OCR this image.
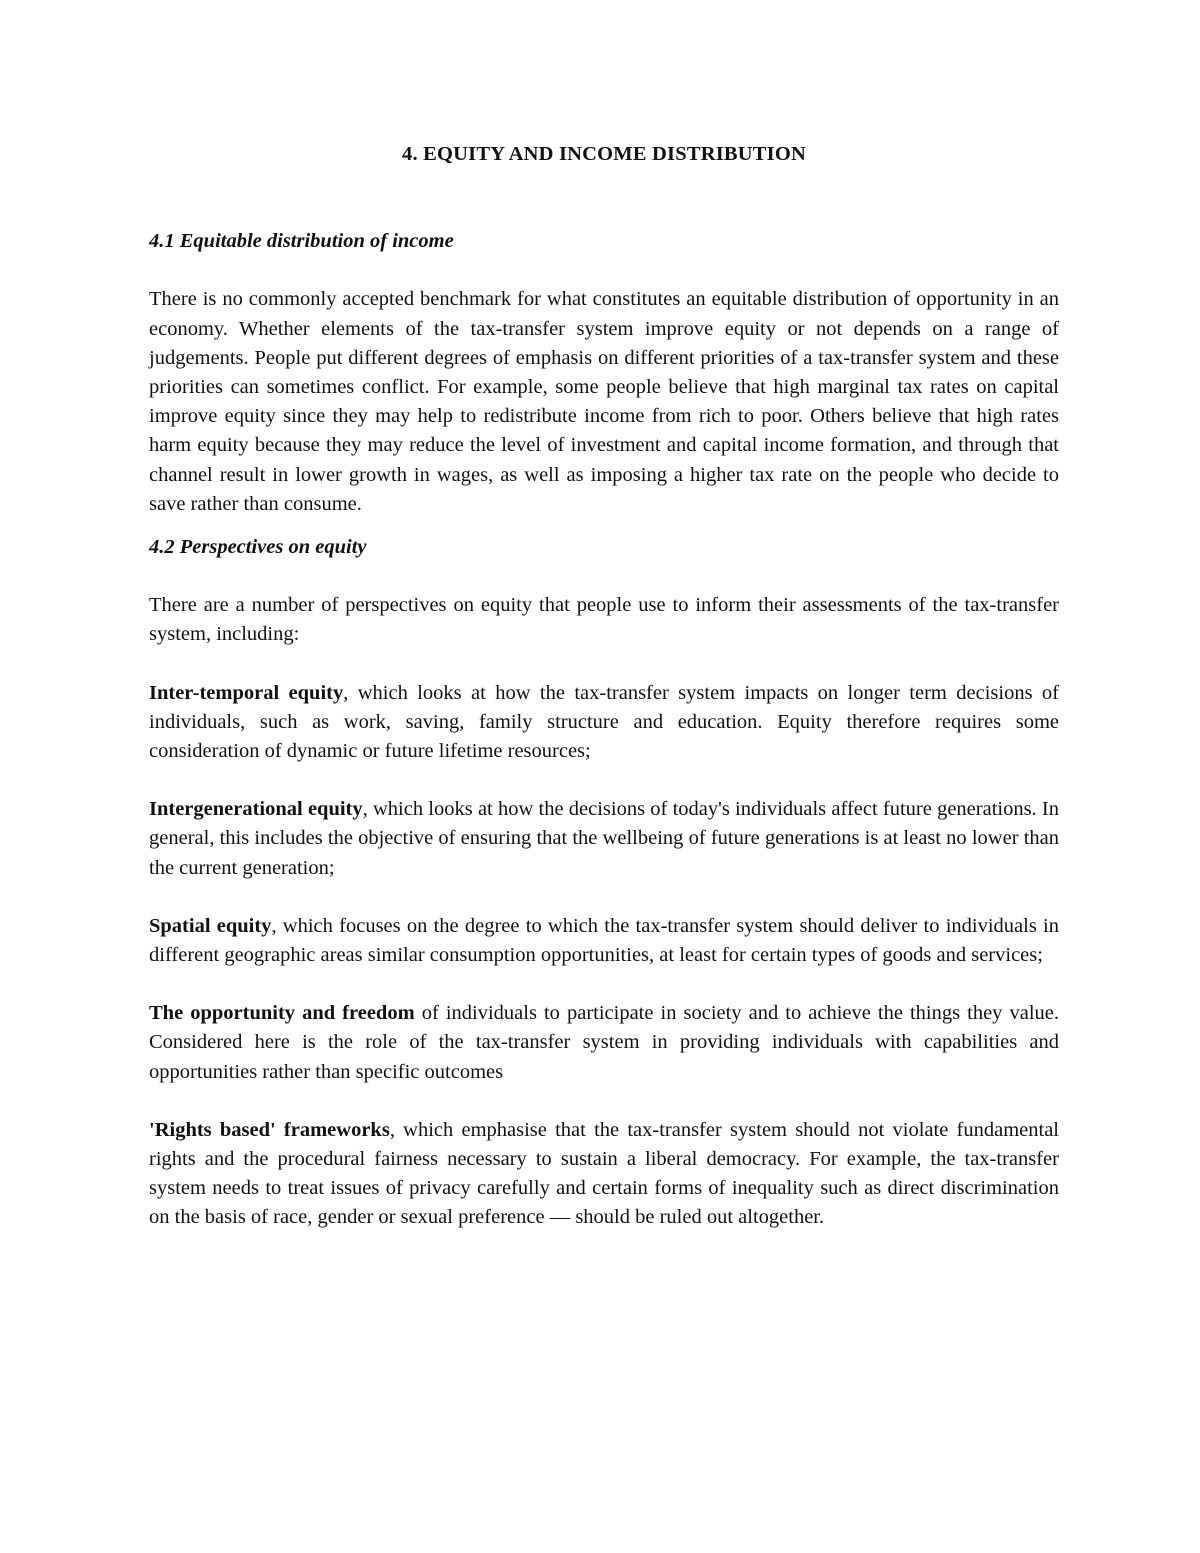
4. EQUITY AND INCOME DISTRIBUTION

4.1 Equitable distribution of income

There is no commonly accepted benchmark for what constitutes an equitable distribution of opportunity in an economy. Whether elements of the tax-transfer system improve equity or not depends on a range of judgements. People put different degrees of emphasis on different priorities of a tax-transfer system and these priorities can sometimes conflict. For example, some people believe that high marginal tax rates on capital improve equity since they may help to redistribute income from rich to poor. Others believe that high rates harm equity because they may reduce the level of investment and capital income formation, and through that channel result in lower growth in wages, as well as imposing a higher tax rate on the people who decide to save rather than consume.

4.2 Perspectives on equity

There are a number of perspectives on equity that people use to inform their assessments of the tax-transfer system, including:

Inter-temporal equity, which looks at how the tax-transfer system impacts on longer term decisions of individuals, such as work, saving, family structure and education. Equity therefore requires some consideration of dynamic or future lifetime resources;

Intergenerational equity, which looks at how the decisions of today's individuals affect future generations. In general, this includes the objective of ensuring that the wellbeing of future generations is at least no lower than the current generation;

Spatial equity, which focuses on the degree to which the tax-transfer system should deliver to individuals in different geographic areas similar consumption opportunities, at least for certain types of goods and services;

The opportunity and freedom of individuals to participate in society and to achieve the things they value. Considered here is the role of the tax-transfer system in providing individuals with capabilities and opportunities rather than specific outcomes

'Rights based' frameworks, which emphasise that the tax-transfer system should not violate fundamental rights and the procedural fairness necessary to sustain a liberal democracy. For example, the tax-transfer system needs to treat issues of privacy carefully and certain forms of inequality such as direct discrimination on the basis of race, gender or sexual preference — should be ruled out altogether.
